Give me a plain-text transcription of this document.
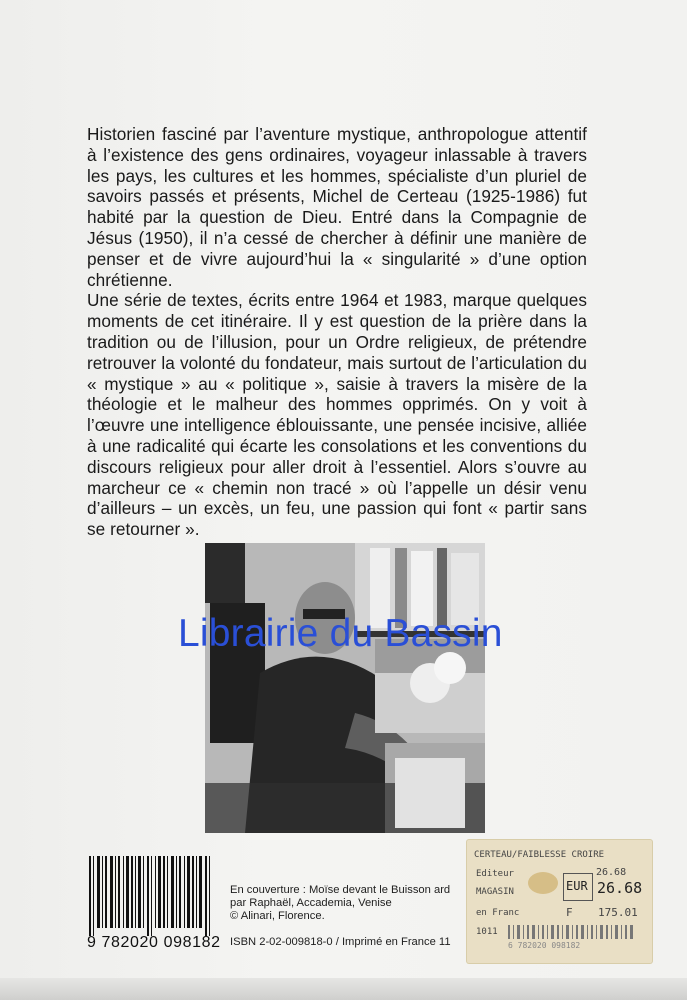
Historien fasciné par l’aventure mystique, anthropologue attentif à l’existence des gens ordinaires, voyageur inlassable à travers les pays, les cultures et les hommes, spécialiste d’un pluriel de savoirs passés et présents, Michel de Certeau (1925-1986) fut habité par la question de Dieu. Entré dans la Compagnie de Jésus (1950), il n’a cessé de chercher à définir une manière de penser et de vivre aujourd’hui la « singularité » d’une option chrétienne.

Une série de textes, écrits entre 1964 et 1983, marque quelques moments de cet itinéraire. Il y est question de la prière dans la tradition ou de l’illusion, pour un Ordre religieux, de prétendre retrouver la volonté du fondateur, mais surtout de l’articulation du « mystique » au « politique », saisie à travers la misère de la théologie et le malheur des hommes opprimés. On y voit à l’œuvre une intelligence éblouissante, une pensée incisive, alliée à une radicalité qui écarte les consolations et les conventions du discours religieux pour aller droit à l’essentiel. Alors s’ouvre au marcheur ce « chemin non tracé » où l’appelle un désir venu d’ailleurs – un excès, un feu, une passion qui font « partir sans se retourner ».

Librairie du Bassin
9 782020 098182
En couverture : Moïse devant le Buisson ard
par Raphaël, Accademia, Venise
© Alinari, Florence.
ISBN 2-02-009818-0 / Imprimé en France 11
CERTEAU/FAIBLESSE CROIRE
Editeur	26.68
MAGASIN	EUR 26.68
en Franc	F 175.01
1011
6 782020 098182
